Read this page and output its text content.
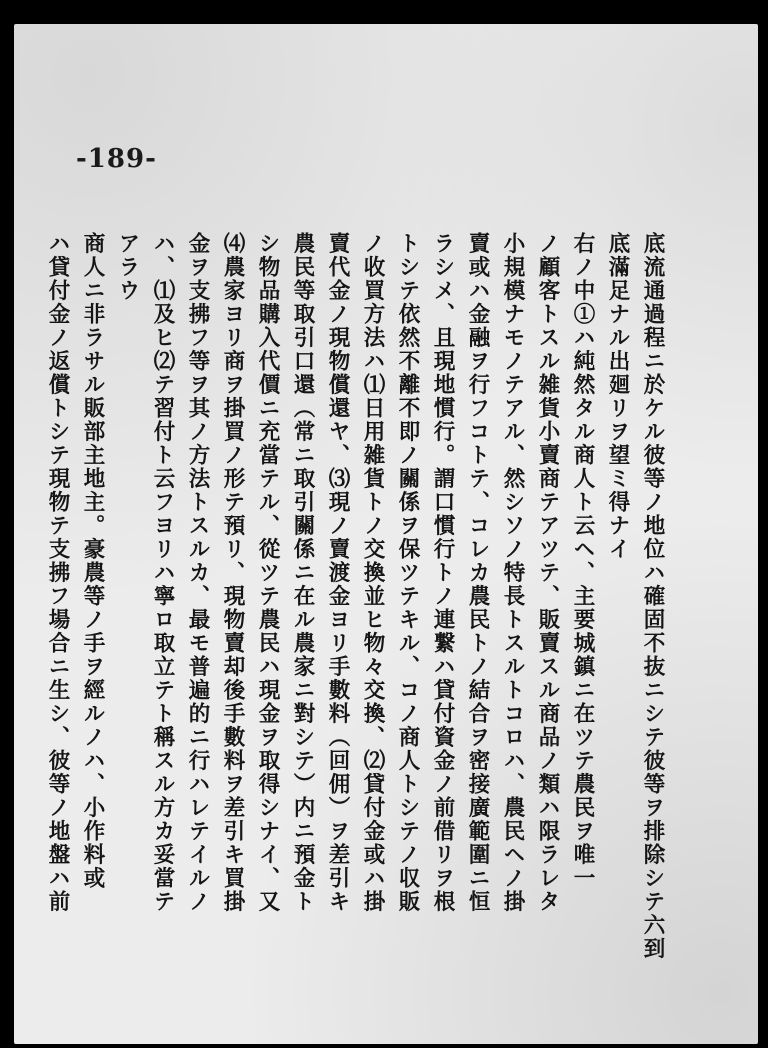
-189-
底流通過程ニ於ケル彼等ノ地位ハ確固不抜ニシテ彼等ヲ排除シテ六到
底滿足ナル出廻リヲ望ミ得ナイ
右ノ中①ハ純然タル商人ト云ヘ、主要城鎮ニ在ツテ農民ヲ唯一
ノ顧客トスル雑貨小賣商テアツテ、販賣スル商品ノ類ハ限ラレタ
小規模ナモノテアル、然シソノ特長トスルトコロハ、農民ヘノ掛
賣或ハ金融ヲ行フコトテ、コレカ農民トノ結合ヲ密接廣範圍ニ恒
ラシメ、且現地慣行。謂口慣行トノ連繋ハ貸付資金ノ前借リヲ根
トシテ依然不離不即ノ關係ヲ保ツテキル、コノ商人トシテノ収販
ノ收買方法ハ⑴日用雑貨トノ交換並ヒ物々交換、⑵貸付金或ハ掛
賣代金ノ現物償還ヤ、⑶現ノ賣渡金ヨリ手數料（回佣）ヲ差引キ
農民等取引口還（常ニ取引關係ニ在ル農家ニ對シテ）内ニ預金ト
シ物品購入代價ニ充當テル、從ツテ農民ハ現金ヲ取得シナイ、又
⑷農家ヨリ商ヲ掛買ノ形テ預リ、現物賣却後手數料ヲ差引キ買掛
金ヲ支拂フ等ヲ其ノ方法トスルカ、最モ普遍的ニ行ハレテイルノ
ハ、⑴及ヒ⑵テ習付ト云フヨリハ寧ロ取立テト稱スル方カ妥當テ
アラウ
商人ニ非ラサル販部主地主。豪農等ノ手ヲ經ルノハ、小作料或
ハ貸付金ノ返償トシテ現物テ支拂フ場合ニ生シ、彼等ノ地盤ハ前
